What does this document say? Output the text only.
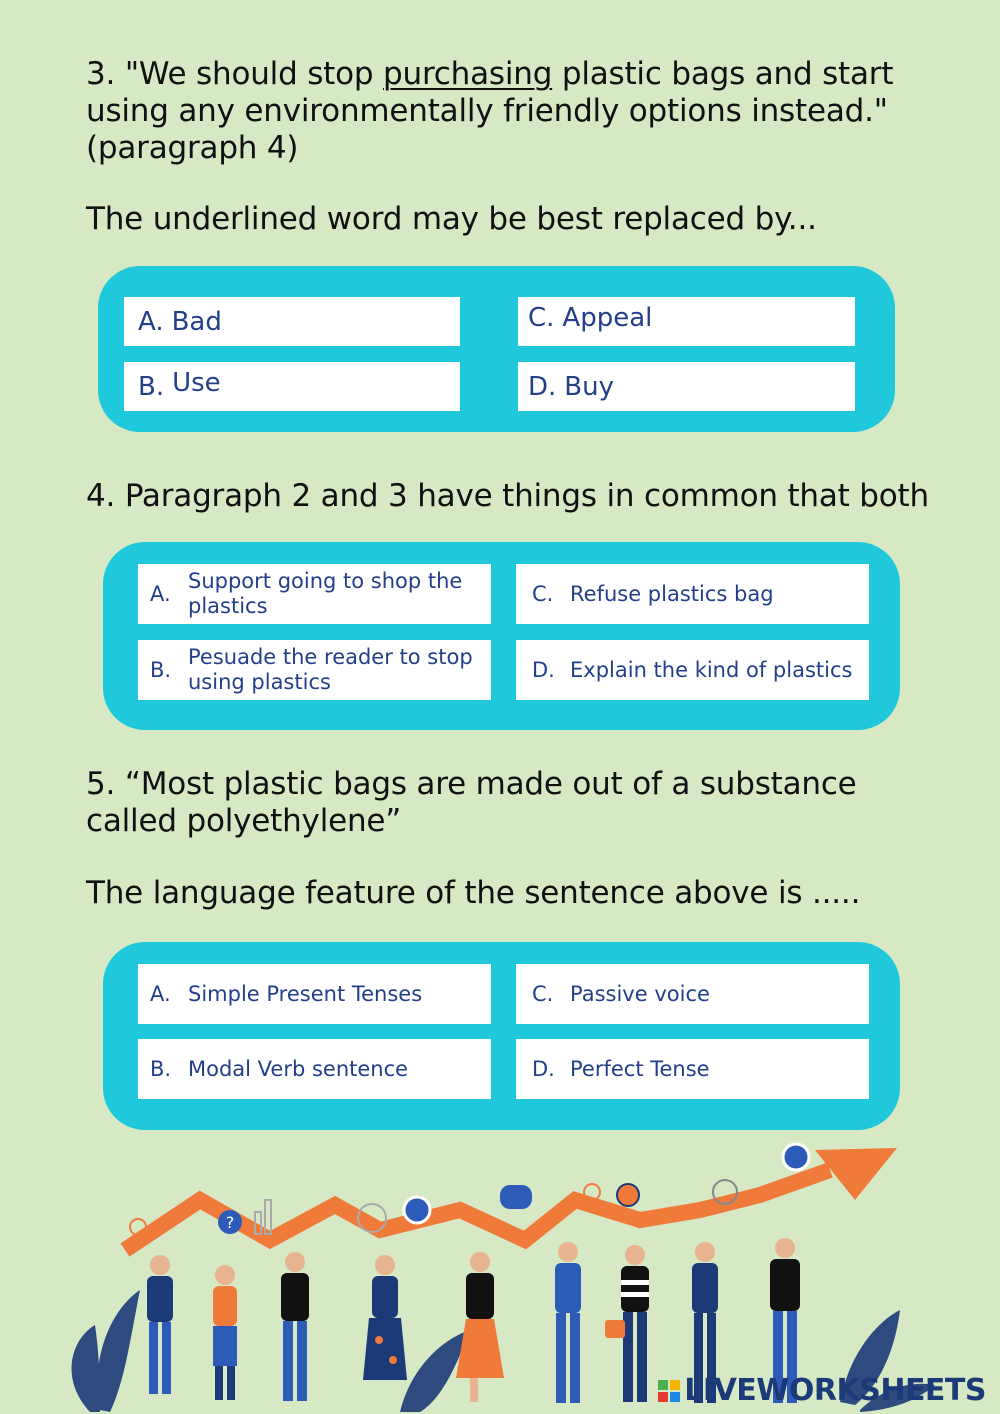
3. "We should stop purchasing plastic bags and start
using any environmentally friendly options instead."
(paragraph 4)
The underlined word may be best replaced by...
A. Bad
B. Use
C. Appeal
D. Buy
4. Paragraph 2 and 3 have things in common that both
A.
Support going to shop the plastics
B.
Pesuade the reader to stop using plastics
C. Refuse plastics bag
D. Explain the kind of plastics
5. “Most plastic bags are made out of a substance
called polyethylene”
The language feature of the sentence above is .....
A. Simple Present Tenses
B. Modal Verb sentence
C. Passive voice
D. Perfect Tense
?
LIVEWORKSHEETS
